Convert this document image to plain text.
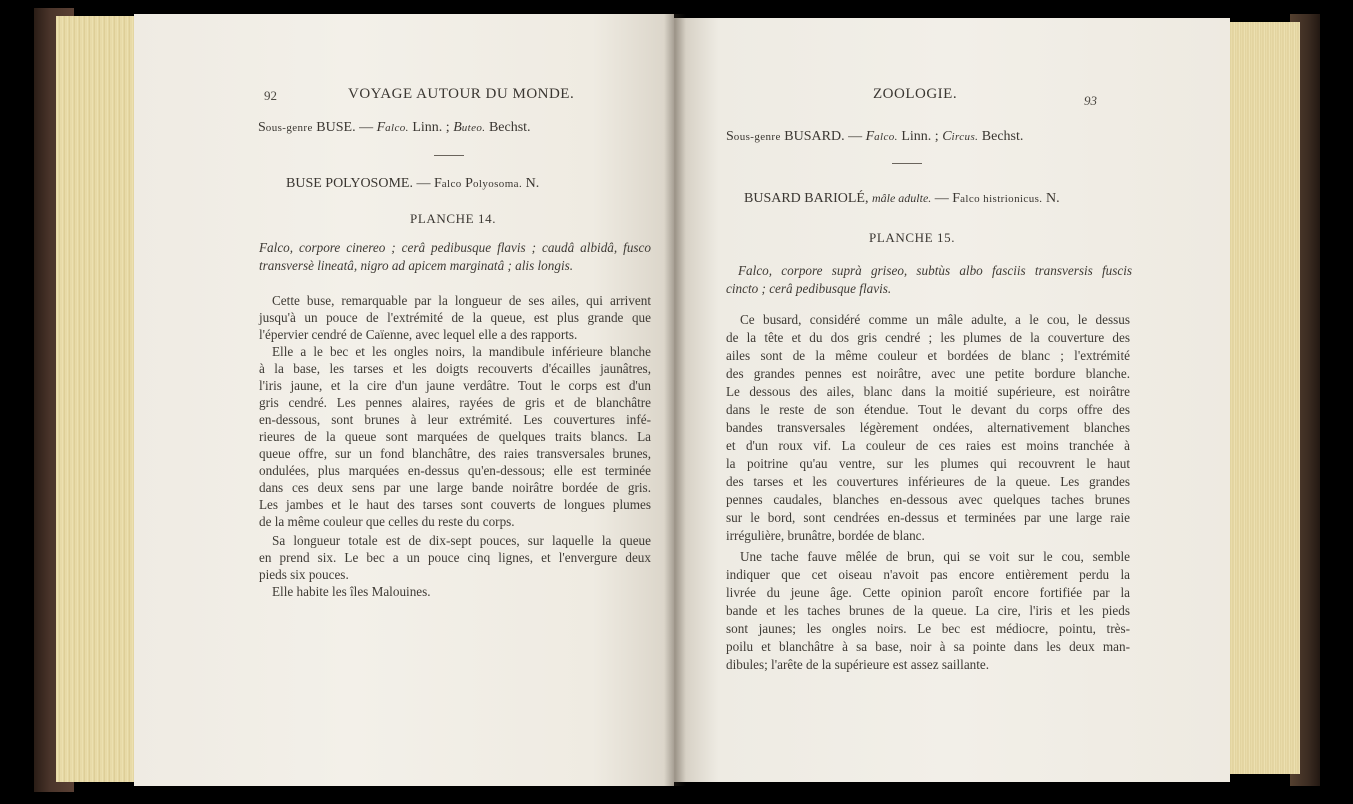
92	VOYAGE AUTOUR DU MONDE.

Sous-genre BUSE. — Falco. Linn. ; Buteo. Bechst.

BUSE POLYOSOME. — Falco Polyosoma. N.

PLANCHE 14.

Falco, corpore cinereo ; cerâ pedibusque flavis ; caudâ albidâ, fusco

transversè lineatâ, nigro ad apicem marginatâ ; alis longis.

Cette buse, remarquable par la longueur de ses ailes, qui arrivent

jusqu'à un pouce de l'extrémité de la queue, est plus grande que

l'épervier cendré de Caïenne, avec lequel elle a des rapports.

Elle a le bec et les ongles noirs, la mandibule inférieure blanche

à la base, les tarses et les doigts recouverts d'écailles jaunâtres,

l'iris jaune, et la cire d'un jaune verdâtre. Tout le corps est d'un

gris cendré. Les pennes alaires, rayées de gris et de blanchâtre

en-dessous, sont brunes à leur extrémité. Les couvertures infé-

rieures de la queue sont marquées de quelques traits blancs. La

queue offre, sur un fond blanchâtre, des raies transversales brunes,

ondulées, plus marquées en-dessus qu'en-dessous; elle est terminée

dans ces deux sens par une large bande noirâtre bordée de gris.

Les jambes et le haut des tarses sont couverts de longues plumes

de la même couleur que celles du reste du corps.

Sa longueur totale est de dix-sept pouces, sur laquelle la queue

en prend six. Le bec a un pouce cinq lignes, et l'envergure deux

pieds six pouces.

Elle habite les îles Malouines.

ZOOLOGIE.	93

Sous-genre BUSARD. — Falco. Linn. ; Circus. Bechst.

BUSARD BARIOLÉ, mâle adulte. — Falco histrionicus. N.

PLANCHE 15.

Falco, corpore suprà griseo, subtùs albo fasciis transversis fuscis

cincto ; cerâ pedibusque flavis.

Ce busard, considéré comme un mâle adulte, a le cou, le dessus

de la tête et du dos gris cendré ; les plumes de la couverture des

ailes sont de la même couleur et bordées de blanc ; l'extrémité

des grandes pennes est noirâtre, avec une petite bordure blanche.

Le dessous des ailes, blanc dans la moitié supérieure, est noirâtre

dans le reste de son étendue. Tout le devant du corps offre des

bandes transversales légèrement ondées, alternativement blanches

et d'un roux vif. La couleur de ces raies est moins tranchée à

la poitrine qu'au ventre, sur les plumes qui recouvrent le haut

des tarses et les couvertures inférieures de la queue. Les grandes

pennes caudales, blanches en-dessous avec quelques taches brunes

sur le bord, sont cendrées en-dessus et terminées par une large raie

irrégulière, brunâtre, bordée de blanc.

Une tache fauve mêlée de brun, qui se voit sur le cou, semble

indiquer que cet oiseau n'avoit pas encore entièrement perdu la

livrée du jeune âge. Cette opinion paroît encore fortifiée par la

bande et les taches brunes de la queue. La cire, l'iris et les pieds

sont jaunes; les ongles noirs. Le bec est médiocre, pointu, très-

poilu et blanchâtre à sa base, noir à sa pointe dans les deux man-

dibules; l'arête de la supérieure est assez saillante.
